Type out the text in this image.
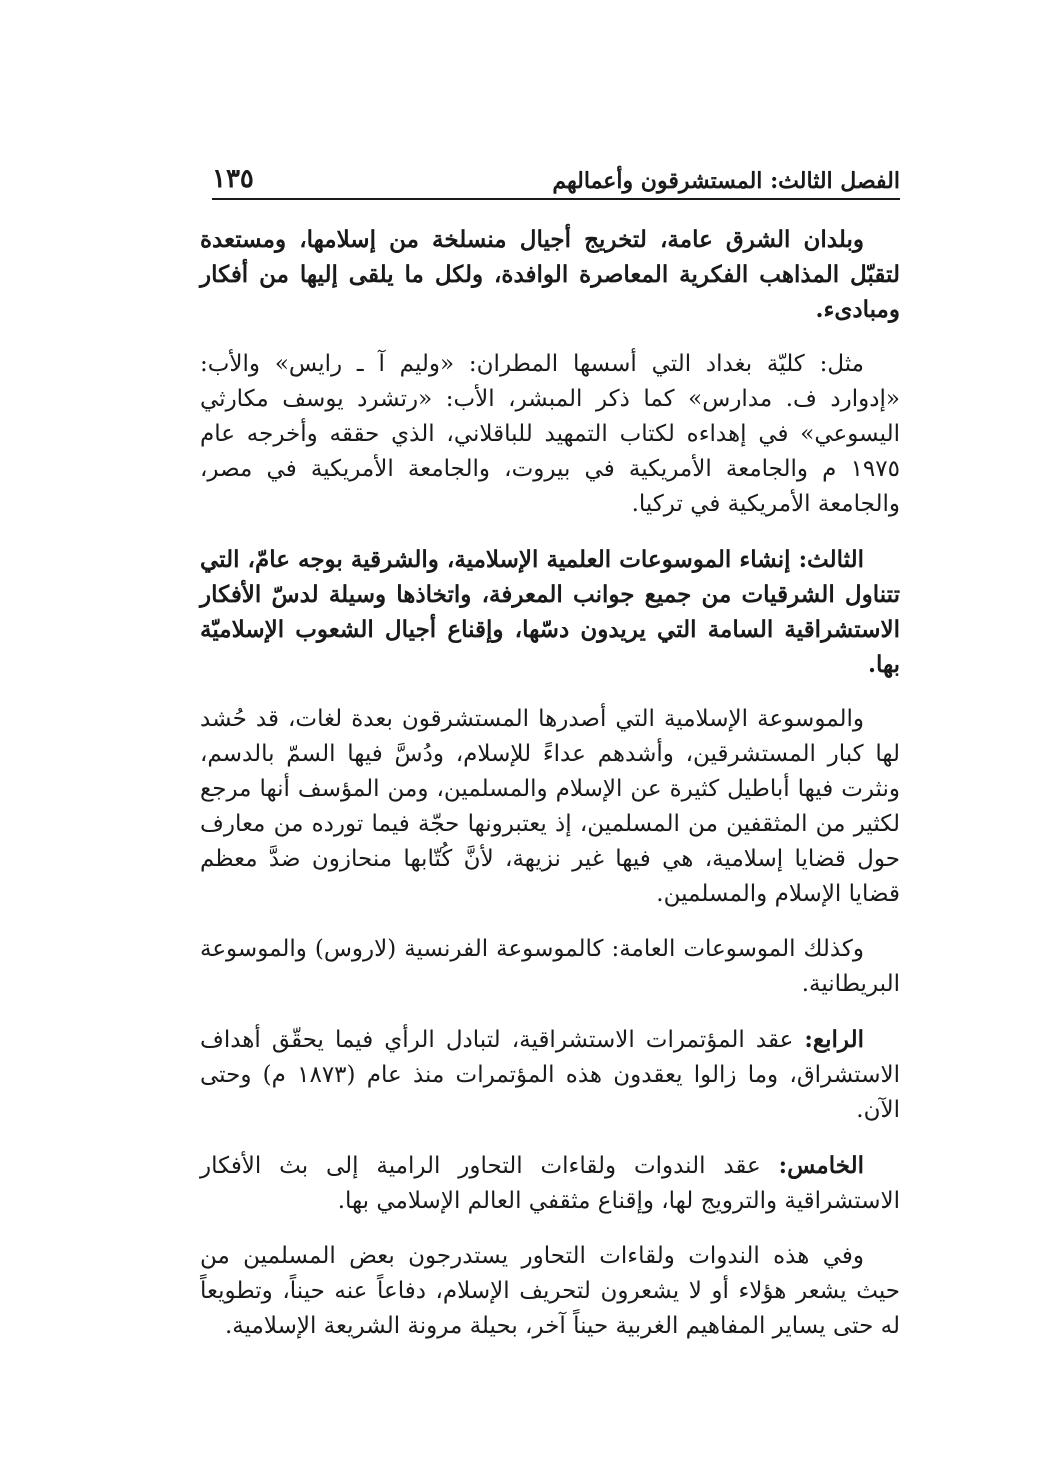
الفصل الثالث: المستشرقون وأعمالهم
١٣٥

وبلدان الشرق عامة، لتخريج أجيال منسلخة من إسلامها، ومستعدة لتقبّل المذاهب الفكرية المعاصرة الوافدة، ولكل ما يلقى إليها من أفكار ومبادىء.

مثل: كليّة بغداد التي أسسها المطران: «وليم آ ـ رايس» والأب: «إدوارد ف. مدارس» كما ذكر المبشر، الأب: «رتشرد يوسف مكارثي اليسوعي» في إهداءه لكتاب التمهيد للباقلاني، الذي حققه وأخرجه عام ١٩٧٥ م والجامعة الأمريكية في بيروت، والجامعة الأمريكية في مصر، والجامعة الأمريكية في تركيا.

الثالث: إنشاء الموسوعات العلمية الإسلامية، والشرقية بوجه عامّ، التي تتناول الشرقيات من جميع جوانب المعرفة، واتخاذها وسيلة لدسّ الأفكار الاستشراقية السامة التي يريدون دسّها، وإقناع أجيال الشعوب الإسلاميّة بها.

والموسوعة الإسلامية التي أصدرها المستشرقون بعدة لغات، قد حُشد لها كبار المستشرقين، وأشدهم عداءً للإسلام، ودُسَّ فيها السمّ بالدسم، ونثرت فيها أباطيل كثيرة عن الإسلام والمسلمين، ومن المؤسف أنها مرجع لكثير من المثقفين من المسلمين، إذ يعتبرونها حجّة فيما تورده من معارف حول قضايا إسلامية، هي فيها غير نزيهة، لأنَّ كُتّابها منحازون ضدَّ معظم قضايا الإسلام والمسلمين.

وكذلك الموسوعات العامة: كالموسوعة الفرنسية (لاروس) والموسوعة البريطانية.

الرابع: عقد المؤتمرات الاستشراقية، لتبادل الرأي فيما يحقّق أهداف الاستشراق، وما زالوا يعقدون هذه المؤتمرات منذ عام (١٨٧٣ م) وحتى الآن.

الخامس: عقد الندوات ولقاءات التحاور الرامية إلى بث الأفكار الاستشراقية والترويج لها، وإقناع مثقفي العالم الإسلامي بها.

وفي هذه الندوات ولقاءات التحاور يستدرجون بعض المسلمين من حيث يشعر هؤلاء أو لا يشعرون لتحريف الإسلام، دفاعاً عنه حيناً، وتطويعاً له حتى يساير المفاهيم الغربية حيناً آخر، بحيلة مرونة الشريعة الإسلامية.
